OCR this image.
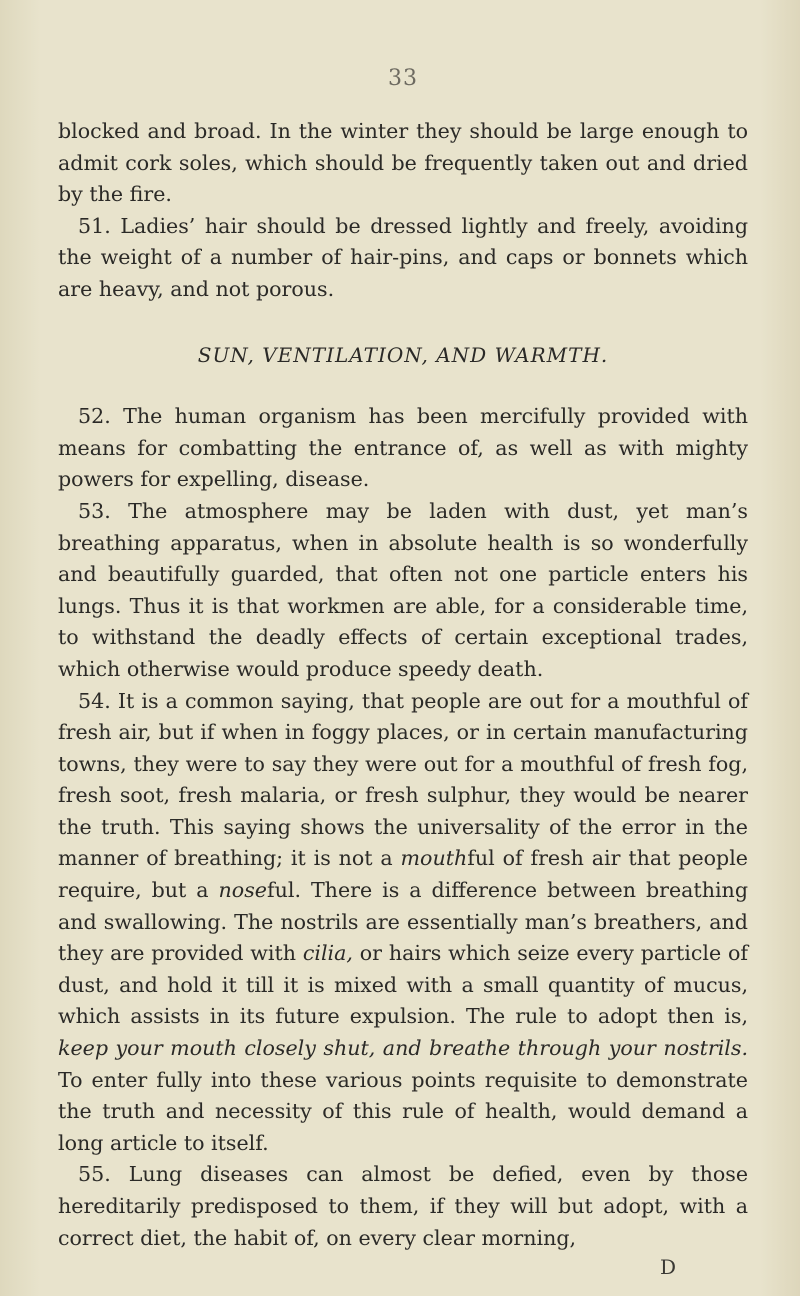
33

blocked and broad. In the winter they should be large enough to admit cork soles, which should be frequently taken out and dried by the fire.

51. Ladies’ hair should be dressed lightly and freely, avoiding the weight of a number of hair-pins, and caps or bonnets which are heavy, and not porous.

SUN, VENTILATION, AND WARMTH.

52. The human organism has been mercifully provided with means for combatting the entrance of, as well as with mighty powers for expelling, disease.

53. The atmosphere may be laden with dust, yet man’s breathing apparatus, when in absolute health is so wonderfully and beautifully guarded, that often not one particle enters his lungs. Thus it is that workmen are able, for a considerable time, to withstand the deadly effects of certain exceptional trades, which otherwise would produce speedy death.

54. It is a common saying, that people are out for a mouthful of fresh air, but if when in foggy places, or in certain manufacturing towns, they were to say they were out for a mouthful of fresh fog, fresh soot, fresh malaria, or fresh sulphur, they would be nearer the truth. This saying shows the universality of the error in the manner of breathing; it is not a mouthful of fresh air that people require, but a noseful. There is a difference between breathing and swallowing. The nostrils are essentially man’s breathers, and they are provided with cilia, or hairs which seize every particle of dust, and hold it till it is mixed with a small quantity of mucus, which assists in its future expulsion. The rule to adopt then is, keep your mouth closely shut, and breathe through your nostrils. To enter fully into these various points requisite to demonstrate the truth and necessity of this rule of health, would demand a long article to itself.

55. Lung diseases can almost be defied, even by those hereditarily predisposed to them, if they will but adopt, with a correct diet, the habit of, on every clear morning,

D
